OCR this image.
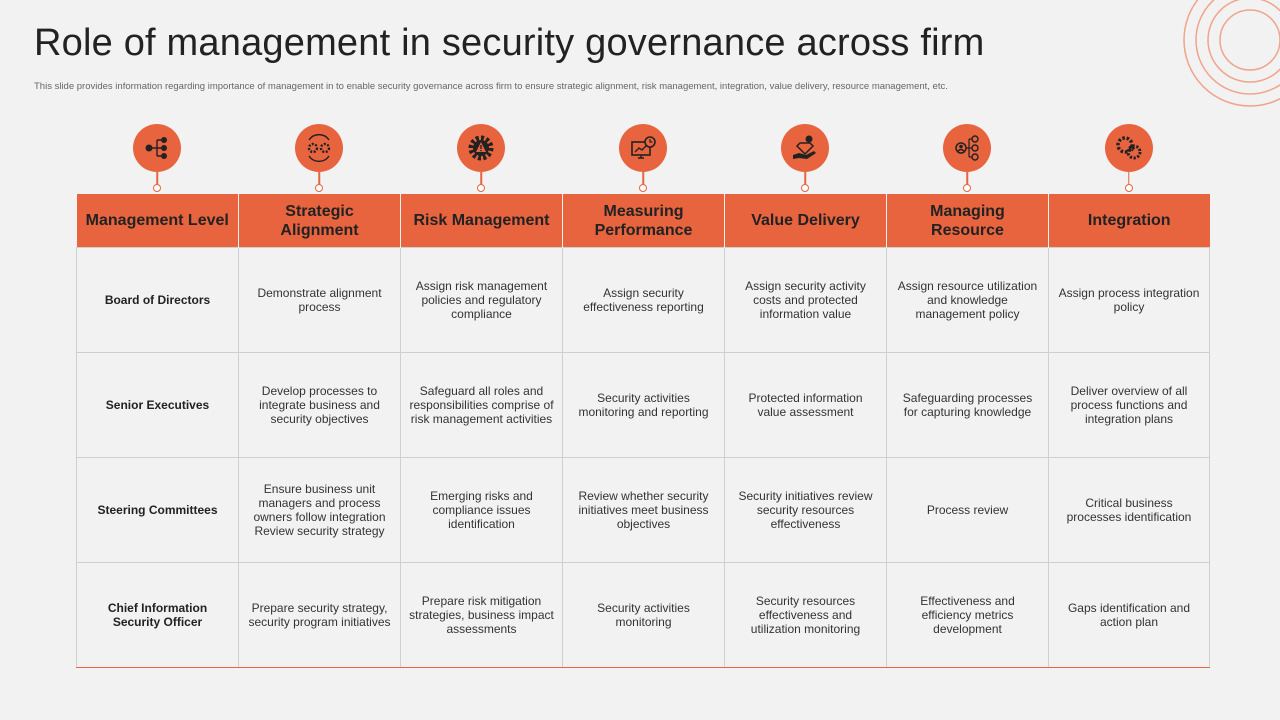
Role of management in security governance across firm
This slide provides information regarding importance of management in to enable security governance across firm to ensure strategic alignment, risk management, integration, value delivery, resource management, etc.
Management Level	Strategic Alignment	Risk Management	Measuring Performance	Value Delivery	Managing Resource	Integration
Board of Directors	Demonstrate alignment process	Assign risk management policies and regulatory compliance	Assign security effectiveness reporting	Assign security activity costs and protected information value	Assign resource utilization and knowledge management policy	Assign process integration policy
Senior Executives	Develop processes to integrate business and security objectives	Safeguard all roles and responsibilities comprise of risk management activities	Security activities monitoring and reporting	Protected information value assessment	Safeguarding processes for capturing knowledge	Deliver overview of all process functions and integration plans
Steering Committees	Ensure business unit managers and process owners follow integration Review security strategy	Emerging risks and compliance issues identification	Review whether security initiatives meet business objectives	Security initiatives review security resources effectiveness	Process review	Critical business processes identification
Chief Information Security Officer	Prepare security strategy, security program initiatives	Prepare risk mitigation strategies, business impact assessments	Security activities monitoring	Security resources effectiveness and utilization monitoring	Effectiveness and efficiency metrics development	Gaps identification and action plan
